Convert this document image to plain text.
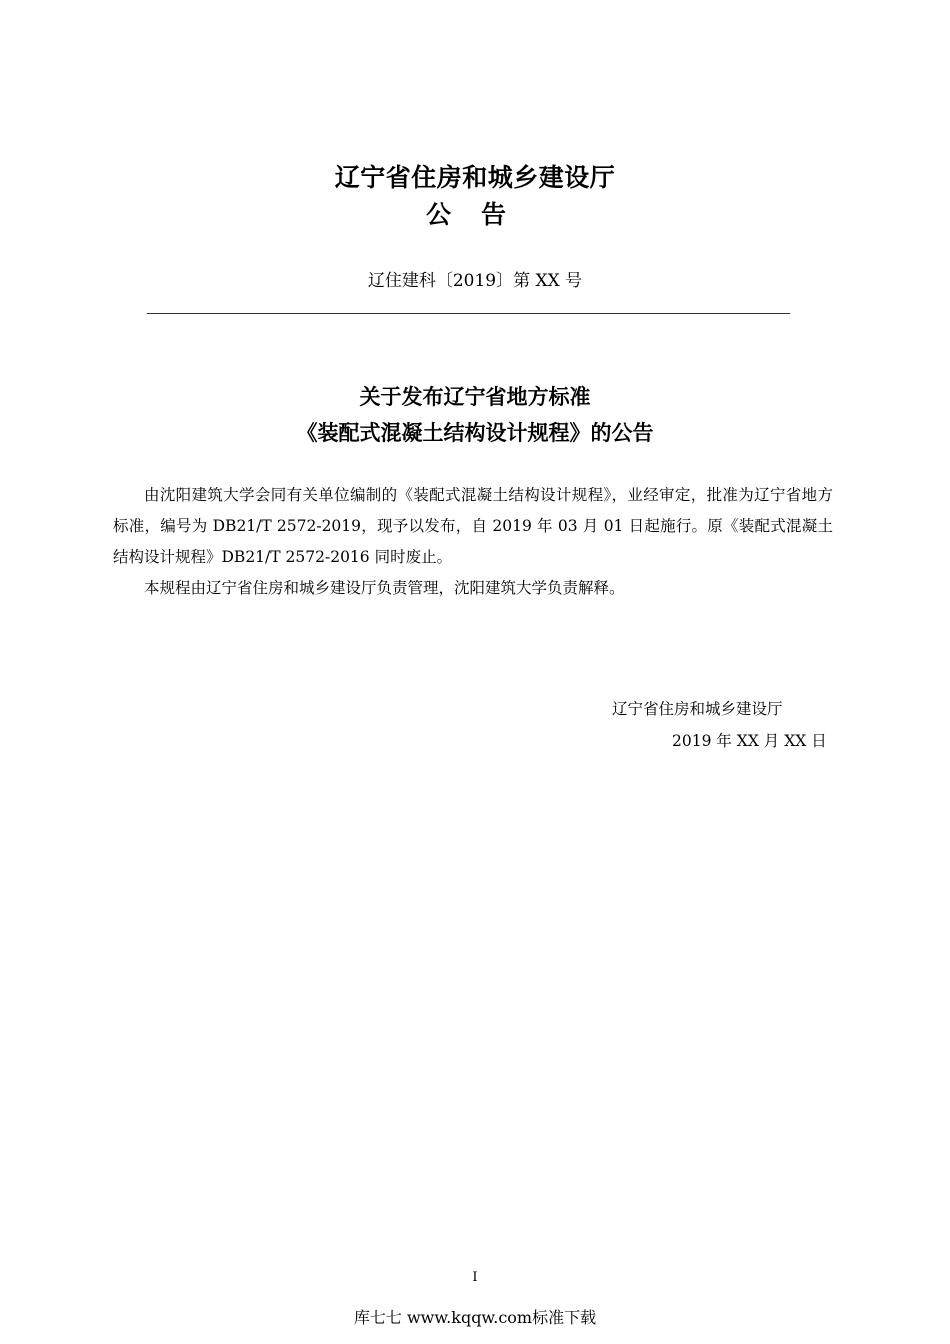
辽宁省住房和城乡建设厅
公告
辽住建科〔2019〕第 XX 号
关于发布辽宁省地方标准
《装配式混凝土结构设计规程》的公告

由沈阳建筑大学会同有关单位编制的《装配式混凝土结构设计规程》，业经审定，批准为辽宁省地方标准，编号为 DB21/T 2572-2019，现予以发布，自 2019 年 03 月 01 日起施行。原《装配式混凝土结构设计规程》DB21/T 2572-2016 同时废止。

本规程由辽宁省住房和城乡建设厅负责管理，沈阳建筑大学负责解释。

辽宁省住房和城乡建设厅
2019 年 XX 月 XX 日
I
库七七 www.kqqw.com标准下载
